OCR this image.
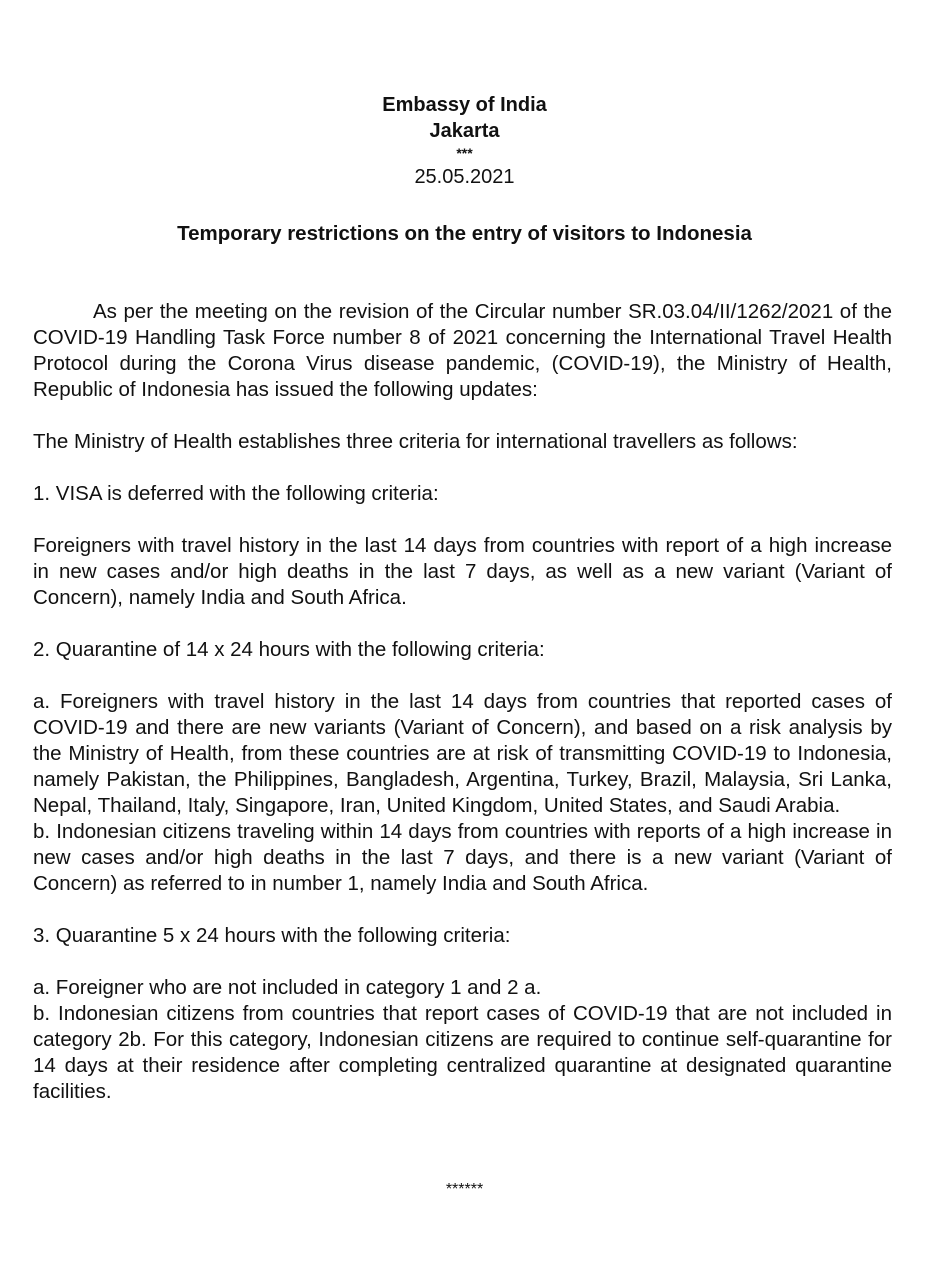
Embassy of India
Jakarta
***
25.05.2021
Temporary restrictions on the entry of visitors to Indonesia

As per the meeting on the revision of the Circular number SR.03.04/II/1262/2021 of the COVID-19 Handling Task Force number 8 of 2021 concerning the International Travel Health Protocol during the Corona Virus disease pandemic, (COVID-19), the Ministry of Health, Republic of Indonesia has issued the following updates:

The Ministry of Health establishes three criteria for international travellers as follows:

1. VISA is deferred with the following criteria:

Foreigners with travel history in the last 14 days from countries with report of a high increase in new cases and/or high deaths in the last 7 days, as well as a new variant (Variant of Concern), namely India and South Africa.

2. Quarantine of 14 x 24 hours with the following criteria:

a. Foreigners with travel history in the last 14 days from countries that reported cases of COVID-19 and there are new variants (Variant of Concern), and based on a risk analysis by the Ministry of Health, from these countries are at risk of transmitting COVID-19 to Indonesia, namely Pakistan, the Philippines, Bangladesh, Argentina, Turkey, Brazil, Malaysia, Sri Lanka, Nepal, Thailand, Italy, Singapore, Iran, United Kingdom, United States, and Saudi Arabia.

b. Indonesian citizens traveling within 14 days from countries with reports of a high increase in new cases and/or high deaths in the last 7 days, and there is a new variant (Variant of Concern) as referred to in number 1, namely India and South Africa.

3. Quarantine 5 x 24 hours with the following criteria:

a. Foreigner who are not included in category 1 and 2 a.

b. Indonesian citizens from countries that report cases of COVID-19 that are not included in category 2b. For this category, Indonesian citizens are required to continue self-quarantine for 14 days at their residence after completing centralized quarantine at designated quarantine facilities.

******
